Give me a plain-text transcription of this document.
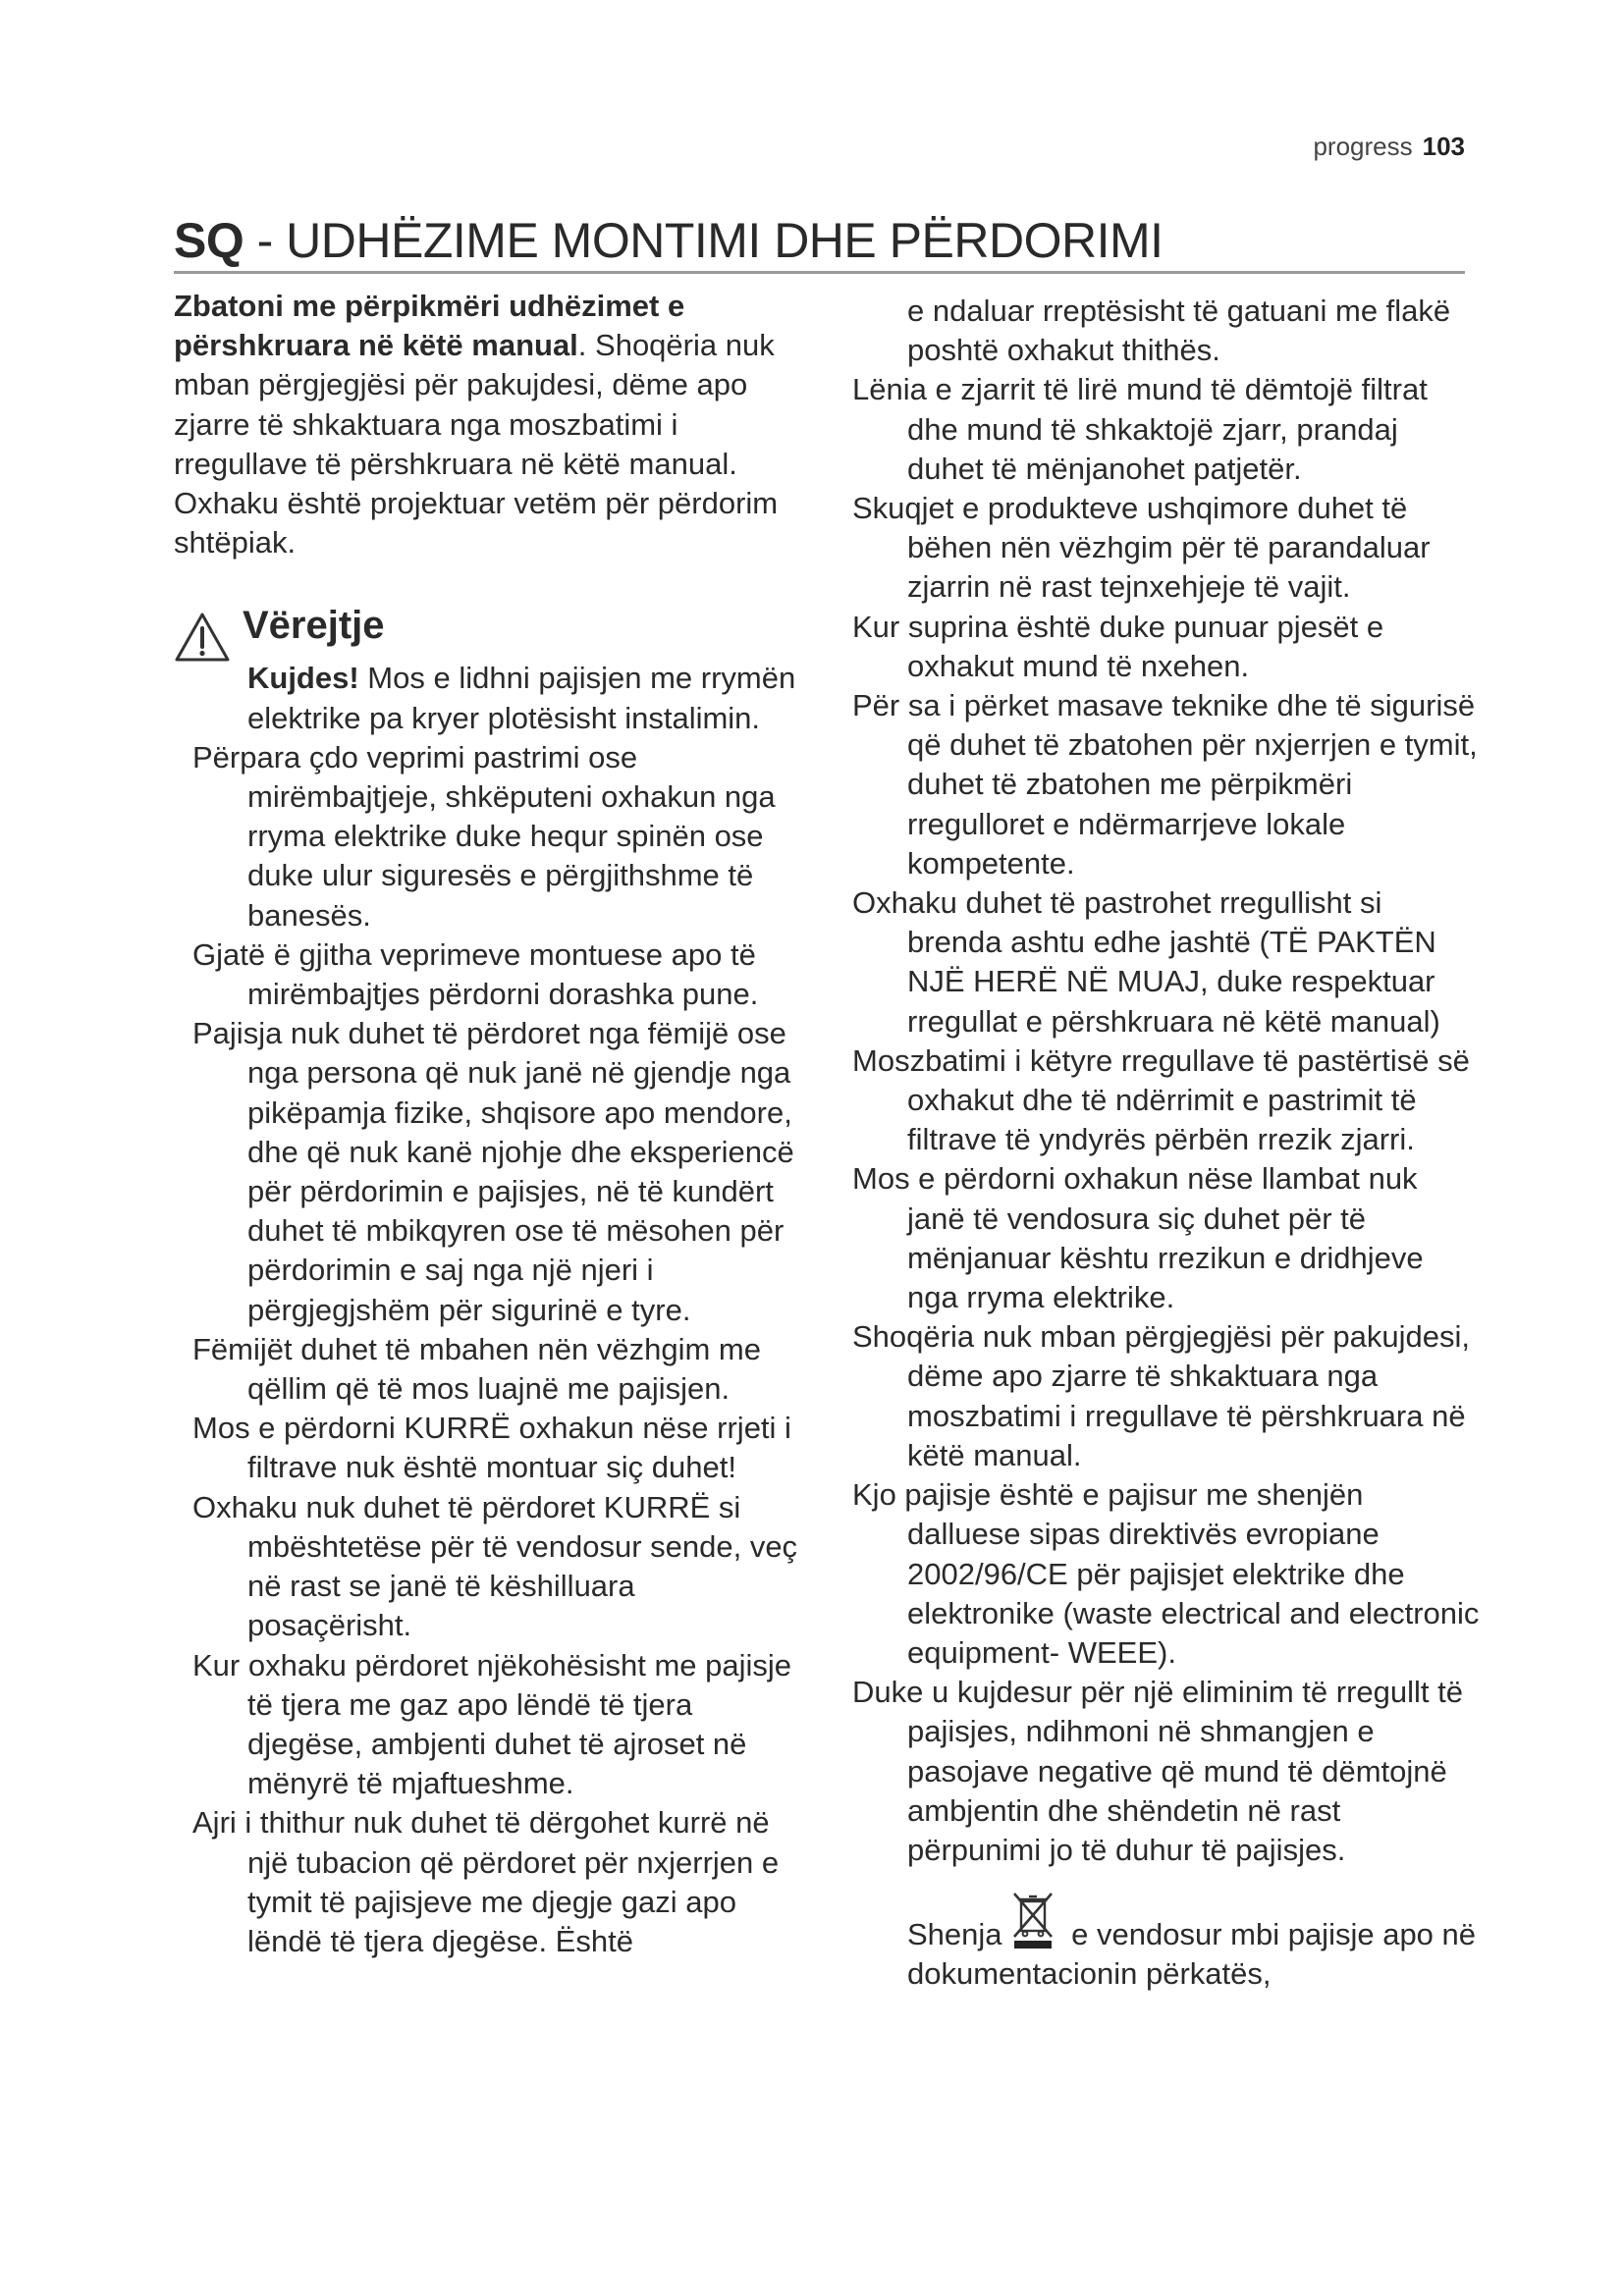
progress 103
SQ - UDHËZIME MONTIMI DHE PËRDORIMI

Zbatoni me përpikmëri udhëzimet e përshkruara në këtë manual. Shoqëria nuk mban përgjegjësi për pakujdesi, dëme apo zjarre të shkaktuara nga moszbatimi i rregullave të përshkruara në këtë manual. Oxhaku është projektuar vetëm për përdorim shtëpiak.

Vërejtje

Kujdes! Mos e lidhni pajisjen me rrymën elektrike pa kryer plotësisht instalimin.

Përpara çdo veprimi pastrimi ose mirëmbajtjeje, shkëputeni oxhakun nga rryma elektrike duke hequr spinën ose duke ulur siguresës e përgjithshme të banesës.

Gjatë ë gjitha veprimeve montuese apo të mirëmbajtjes përdorni dorashka pune.

Pajisja nuk duhet të përdoret nga fëmijë ose nga persona që nuk janë në gjendje nga pikëpamja fizike, shqisore apo mendore, dhe që nuk kanë njohje dhe eksperiencë për përdorimin e pajisjes, në të kundërt duhet të mbikqyren ose të mësohen për përdorimin e saj nga një njeri i përgjegjshëm për sigurinë e tyre.

Fëmijët duhet të mbahen nën vëzhgim me qëllim që të mos luajnë me pajisjen.

Mos e përdorni KURRË oxhakun nëse rrjeti i filtrave nuk është montuar siç duhet!

Oxhaku nuk duhet të përdoret KURRË si mbështetëse për të vendosur sende, veç në rast se janë të këshilluara posaçërisht.

Kur oxhaku përdoret njëkohësisht me pajisje të tjera me gaz apo lëndë të tjera djegëse, ambjenti duhet të ajroset në mënyrë të mjaftueshme.

Ajri i thithur nuk duhet të dërgohet kurrë në një tubacion që përdoret për nxjerrjen e tymit të pajisjeve me djegje gazi apo lëndë të tjera djegëse. Është

e ndaluar rreptësisht të gatuani me flakë poshtë oxhakut thithës.

Lënia e zjarrit të lirë mund të dëmtojë filtrat dhe mund të shkaktojë zjarr, prandaj duhet të mënjanohet patjetër.

Skuqjet e produkteve ushqimore duhet të bëhen nën vëzhgim për të parandaluar zjarrin në rast tejnxehjeje të vajit.

Kur suprina është duke punuar pjesët e oxhakut mund të nxehen.

Për sa i përket masave teknike dhe të sigurisë që duhet të zbatohen për nxjerrjen e tymit, duhet të zbatohen me përpikmëri rregulloret e ndërmarrjeve lokale kompetente.

Oxhaku duhet të pastrohet rregullisht si brenda ashtu edhe jashtë (TË PAKTËN NJË HERË NË MUAJ, duke respektuar rregullat e përshkruara në këtë manual)

Moszbatimi i këtyre rregullave të pastërtisë së oxhakut dhe të ndërrimit e pastrimit të filtrave të yndyrës përbën rrezik zjarri.

Mos e përdorni oxhakun nëse llambat nuk janë të vendosura siç duhet për të mënjanuar kështu rrezikun e dridhjeve nga rryma elektrike.

Shoqëria nuk mban përgjegjësi për pakujdesi, dëme apo zjarre të shkaktuara nga moszbatimi i rregullave të përshkruara në këtë manual.

Kjo pajisje është e pajisur me shenjën dalluese sipas direktivës evropiane 2002/96/CE për pajisjet elektrike dhe elektronike (waste electrical and electronic equipment- WEEE).

Duke u kujdesur për një eliminim të rregullt të pajisjes, ndihmoni në shmangjen e pasojave negative që mund të dëmtojnë ambjentin dhe shëndetin në rast përpunimi jo të duhur të pajisjes.

Shenja e vendosur mbi pajisje apo në dokumentacionin përkatës,
